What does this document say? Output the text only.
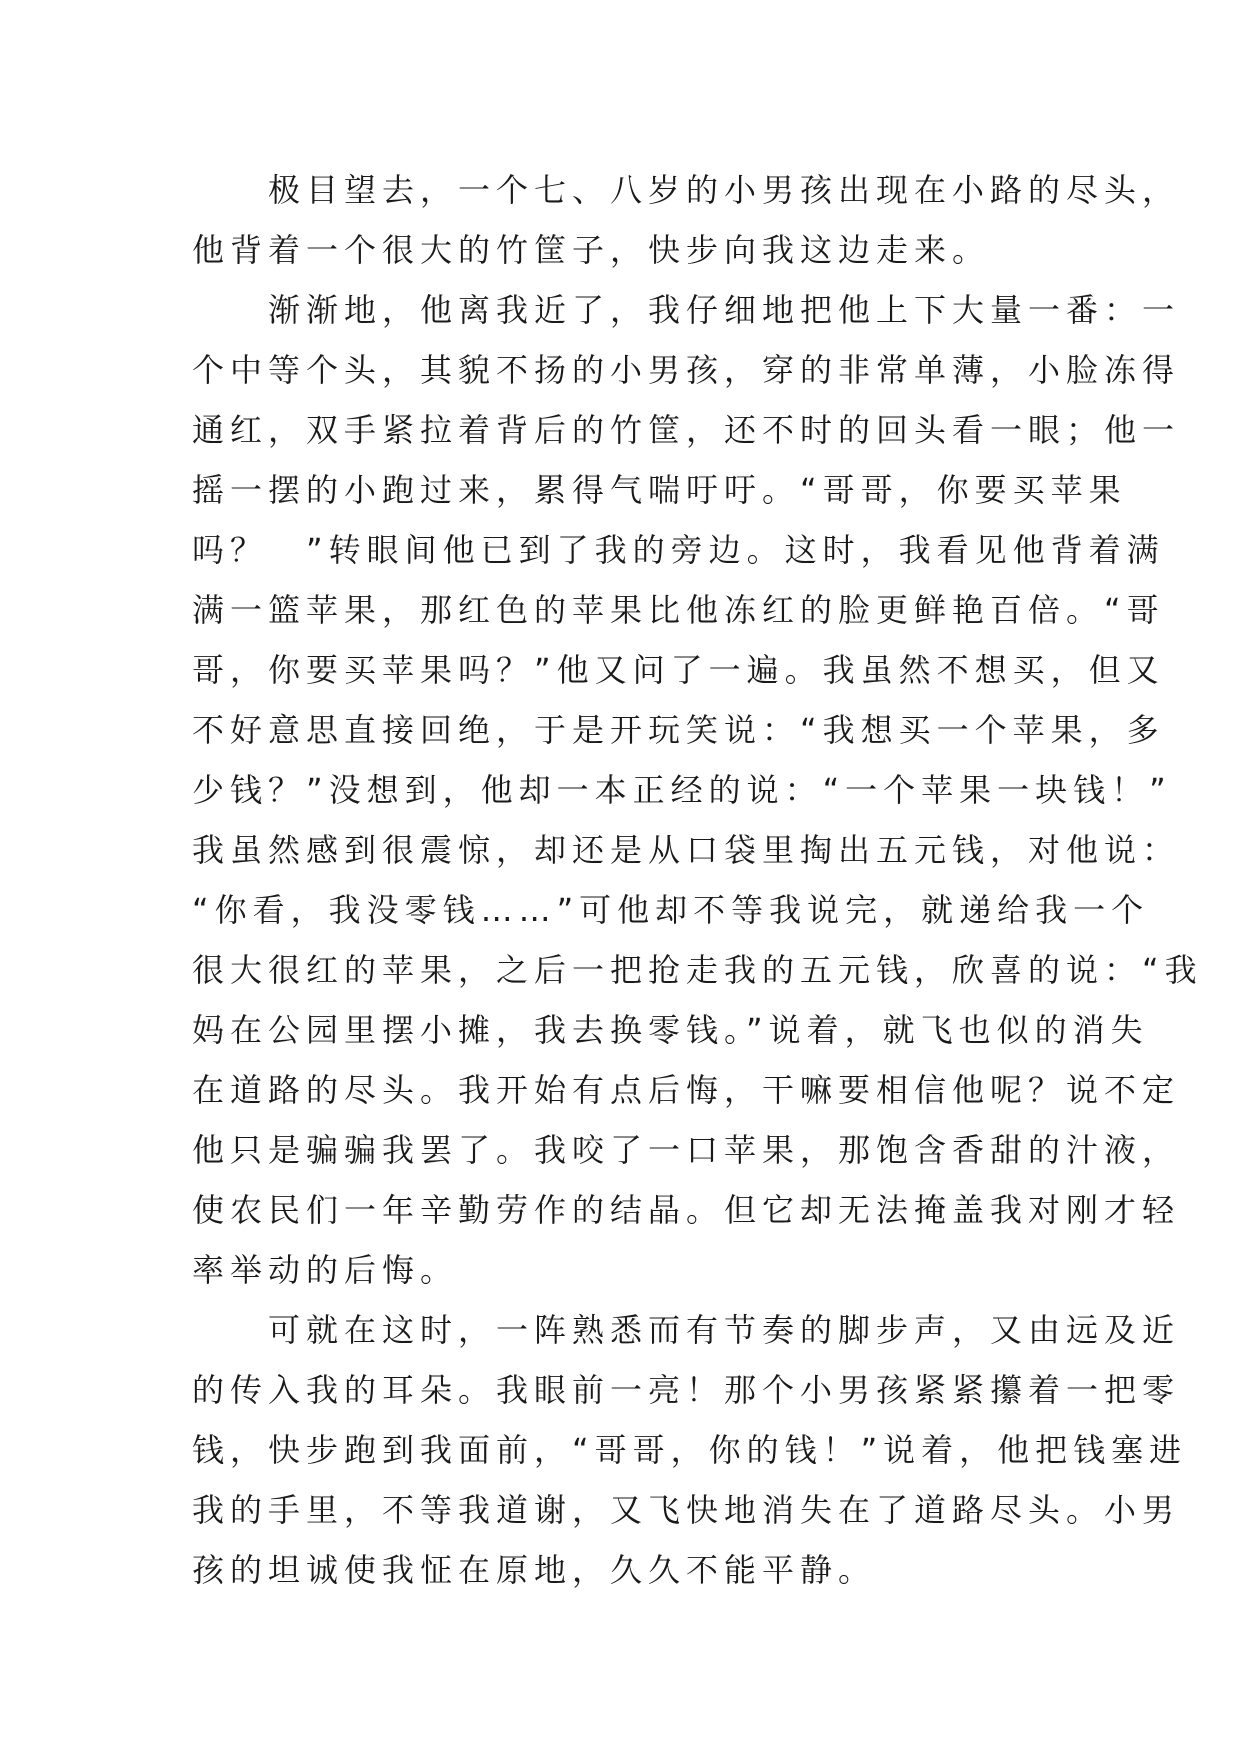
　　极目望去，一个七、八岁的小男孩出现在小路的尽头，
他背着一个很大的竹筐子，快步向我这边走来。
　　渐渐地，他离我近了，我仔细地把他上下大量一番：一
个中等个头，其貌不扬的小男孩，穿的非常单薄，小脸冻得
通红，双手紧拉着背后的竹筐，还不时的回头看一眼；他一
摇一摆的小跑过来，累得气喘吁吁。“哥哥，你要买苹果
吗？　”转眼间他已到了我的旁边。这时，我看见他背着满
满一篮苹果，那红色的苹果比他冻红的脸更鲜艳百倍。“哥
哥，你要买苹果吗？”他又问了一遍。我虽然不想买，但又
不好意思直接回绝，于是开玩笑说：“我想买一个苹果，多
少钱？”没想到，他却一本正经的说：“一个苹果一块钱！”
我虽然感到很震惊，却还是从口袋里掏出五元钱，对他说：
“你看，我没零钱……”可他却不等我说完，就递给我一个
很大很红的苹果，之后一把抢走我的五元钱，欣喜的说：“我
妈在公园里摆小摊，我去换零钱。”说着，就飞也似的消失
在道路的尽头。我开始有点后悔，干嘛要相信他呢？说不定
他只是骗骗我罢了。我咬了一口苹果，那饱含香甜的汁液，
使农民们一年辛勤劳作的结晶。但它却无法掩盖我对刚才轻
率举动的后悔。
　　可就在这时，一阵熟悉而有节奏的脚步声，又由远及近
的传入我的耳朵。我眼前一亮！那个小男孩紧紧攥着一把零
钱，快步跑到我面前，“哥哥，你的钱！”说着，他把钱塞进
我的手里，不等我道谢，又飞快地消失在了道路尽头。小男
孩的坦诚使我怔在原地，久久不能平静。
